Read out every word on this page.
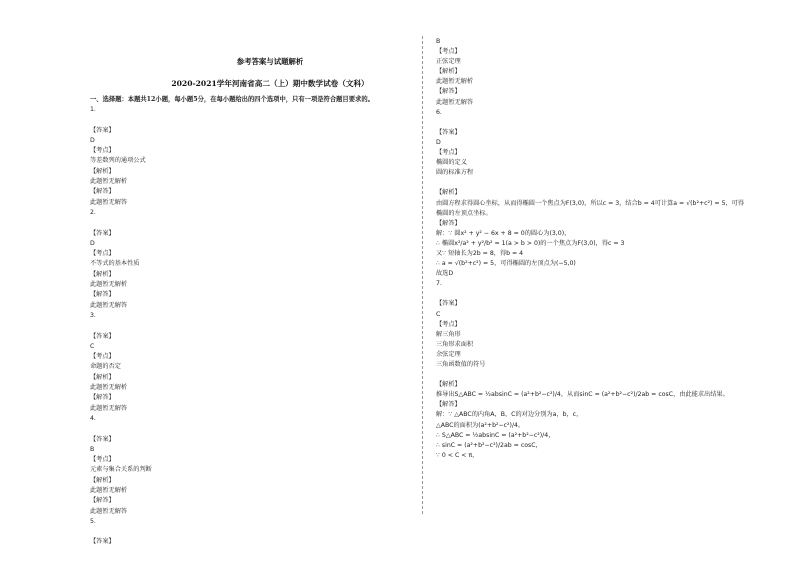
参考答案与试题解析
2020-2021学年河南省高二（上）期中数学试卷（文科）
一、选择题：本题共12小题，每小题5分，在每小题给出的四个选项中，只有一项是符合题目要求的。
1.

【答案】
D
【考点】
等差数列的通项公式
【解析】
此题暂无解析
【解答】
此题暂无解答
2.

【答案】
D
【考点】
不等式的基本性质
【解析】
此题暂无解析
【解答】
此题暂无解答
3.

【答案】
C
【考点】
命题的否定
【解析】
此题暂无解析
【解答】
此题暂无解答
4.

【答案】
B
【考点】
元素与集合关系的判断
【解析】
此题暂无解析
【解答】
此题暂无解答
5.

【答案】
B
【考点】
正弦定理
【解析】
此题暂无解析
【解答】
此题暂无解答
6.

【答案】
D
【考点】
椭圆的定义
圆的标准方程

【解析】
由圆方程求得圆心坐标，从而得椭圆一个焦点为F(3,0)，所以c = 3，结合b = 4可计算a = √(b²+c²) = 5，可得
椭圆的左顶点坐标。
【解答】
解：∵ 圆x² + y² − 6x + 8 = 0的圆心为(3,0)，
∴ 椭圆x²/a² + y²/b² = 1(a > b > 0)的一个焦点为F(3,0)，得c = 3
又∵ 短轴长为2b = 8，得b = 4
∴ a = √(b²+c²) = 5，可得椭圆的左顶点为(−5,0)
故选D
7.

【答案】
C
【考点】
解三角形
三角形求面积
余弦定理
三角函数值的符号

【解析】
推导出S△ABC = ½absinC = (a²+b²−c²)/4，从而sinC = (a²+b²−c²)/2ab = cosC，由此能求出结果。
【解答】
解：∵ △ABC的内角A，B，C的对边分别为a，b，c，
△ABC的面积为(a²+b²−c²)/4，
∴ S△ABC = ½absinC = (a²+b²−c²)/4，
∴ sinC = (a²+b²−c²)/2ab = cosC，
∵ 0 < C < π，
